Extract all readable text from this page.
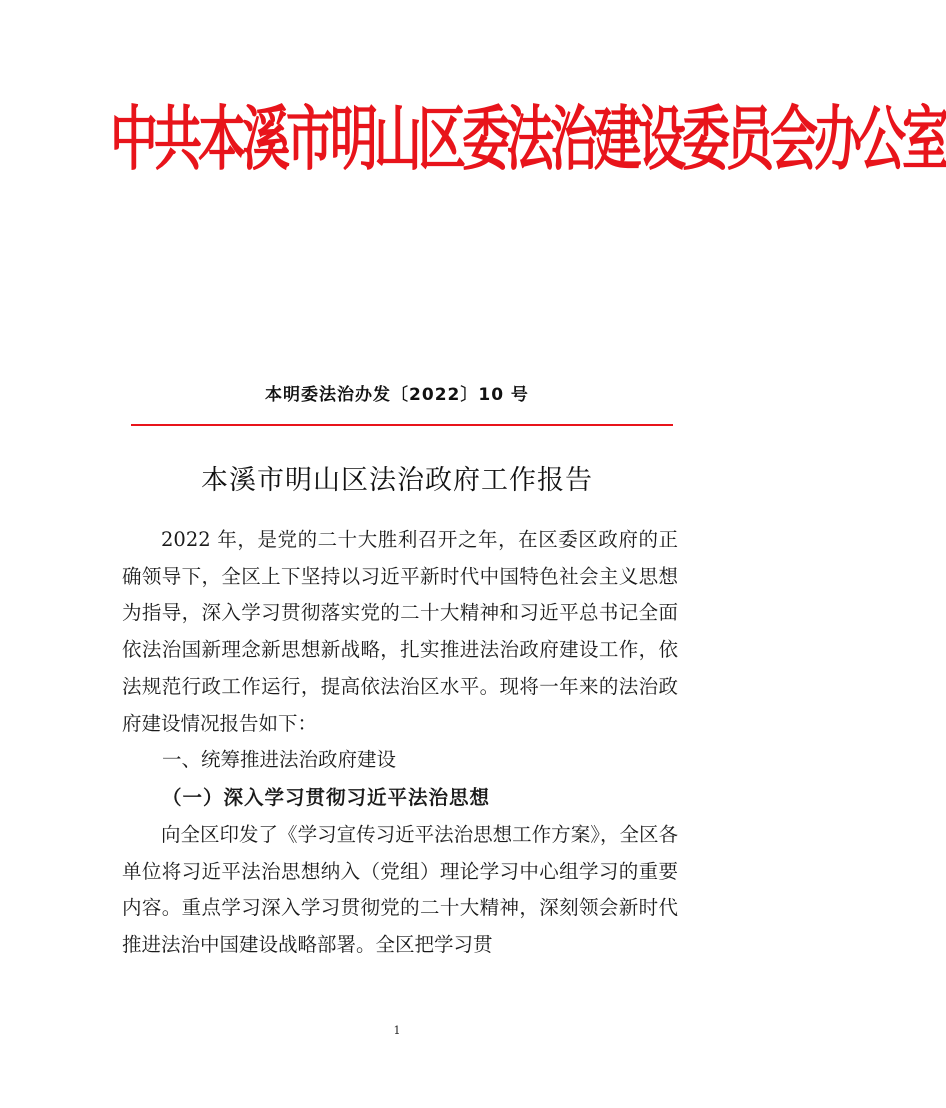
中共本溪市明山区委法治建设委员会办公室
本明委法治办发〔2022〕10 号
本溪市明山区法治政府工作报告

2022 年，是党的二十大胜利召开之年，在区委区政府的正确领导下，全区上下坚持以习近平新时代中国特色社会主义思想为指导，深入学习贯彻落实党的二十大精神和习近平总书记全面依法治国新理念新思想新战略，扎实推进法治政府建设工作，依法规范行政工作运行，提高依法治区水平。现将一年来的法治政府建设情况报告如下：

一、统筹推进法治政府建设
（一）深入学习贯彻习近平法治思想

向全区印发了《学习宣传习近平法治思想工作方案》，全区各单位将习近平法治思想纳入（党组）理论学习中心组学习的重要内容。重点学习深入学习贯彻党的二十大精神，深刻领会新时代推进法治中国建设战略部署。全区把学习贯

1
